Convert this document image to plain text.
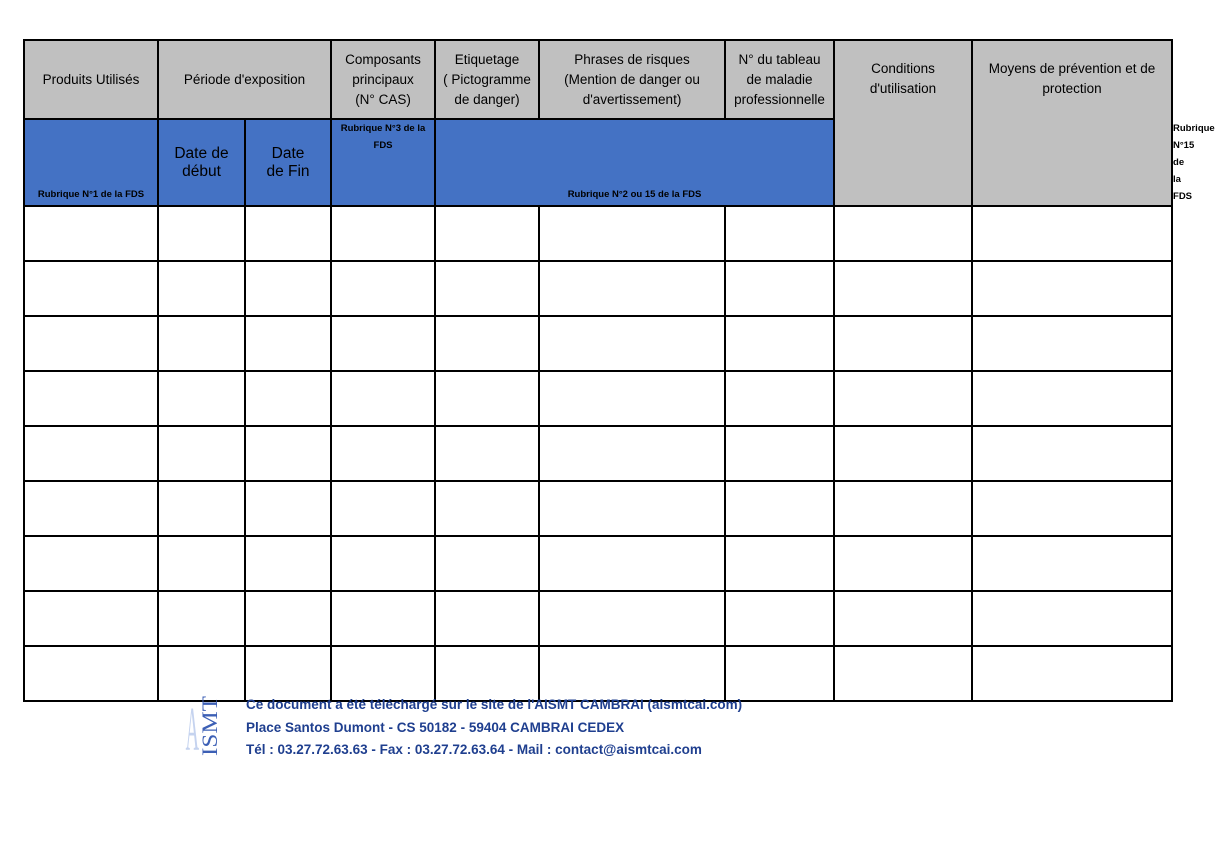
Produits Utilisés	Période d'exposition		Composants
principaux
(N° CAS)	Etiquetage
( Pictogramme
de danger)	Phrases de risques
(Mention de danger ou
d'avertissement)	N° du tableau
de maladie
professionnelle	Conditions
d'utilisation	Moyens de prévention et de
protection	
Rubrique N°1 de la FDS	Date de
début	Date
de Fin	Rubrique N°3 de la
FDS	Rubrique N°2 ou 15 de la FDS					Rubrique N°15 de
la FDS

A
ISMT Ce document a été téléchargé sur le site de l'AISMT CAMBRAI (aismtcai.com)
Place Santos Dumont - CS 50182 - 59404 CAMBRAI CEDEX
Tél : 03.27.72.63.63 - Fax : 03.27.72.63.64 - Mail : contact@aismtcai.com
